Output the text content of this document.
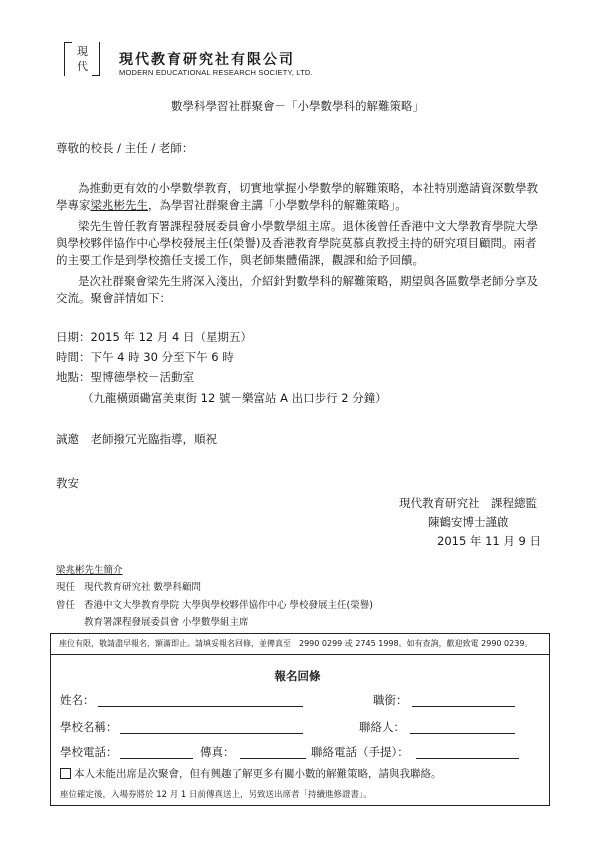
現
代 現代教育研究社有限公司
MODERN EDUCATIONAL RESEARCH SOCIETY, LTD.
數學科學習社群聚會－「小學數學科的解難策略」
尊敬的校長 / 主任 / 老師：
為推動更有效的小學數學教育，切實地掌握小學數學的解難策略，本社特別邀請資深數學教
學專家梁兆彬先生，為學習社群聚會主講「小學數學科的解難策略」。
梁先生曾任教育署課程發展委員會小學數學組主席。退休後曾任香港中文大學教育學院大學
與學校夥伴協作中心學校發展主任(榮譽)及香港教育學院莫慕貞教授主持的研究項目顧問。兩者
的主要工作是到學校擔任支援工作，與老師集體備課，觀課和給予回饋。
是次社群聚會梁先生將深入淺出，介紹針對數學科的解難策略，期望與各區數學老師分享及
交流。聚會詳情如下：
日期：2015 年 12 月 4 日（星期五）
時間：下午 4 時 30 分至下午 6 時
地點：聖博德學校－活動室
（九龍橫頭磡富美東街 12 號－樂富站 A 出口步行 2 分鐘）
誠邀　老師撥冗光臨指導，順祝
教安
現代教育研究社　課程總監
陳鶴安博士謹啟
2015 年 11 月 9 日
梁兆彬先生簡介
現任 現代教育研究社 數學科顧問
曾任 香港中文大學教育學院 大學與學校夥伴協作中心 學校發展主任(榮譽)
教育署課程發展委員會 小學數學組主席
座位有限，敬請盡早報名，額滿即止。請填妥報名回條，並傳真至　2990 0299 或 2745 1998。如有查詢，歡迎致電 2990 0239。
報名回條
姓名：	職銜：
學校名稱：	聯絡人：
學校電話：	傳真：	聯絡電話（手提）：
本人未能出席是次聚會，但有興趣了解更多有關小數的解難策略，請與我聯絡。
座位確定後，入場券將於 12 月 1 日前傳真送上，另致送出席者「持續進修證書」。
